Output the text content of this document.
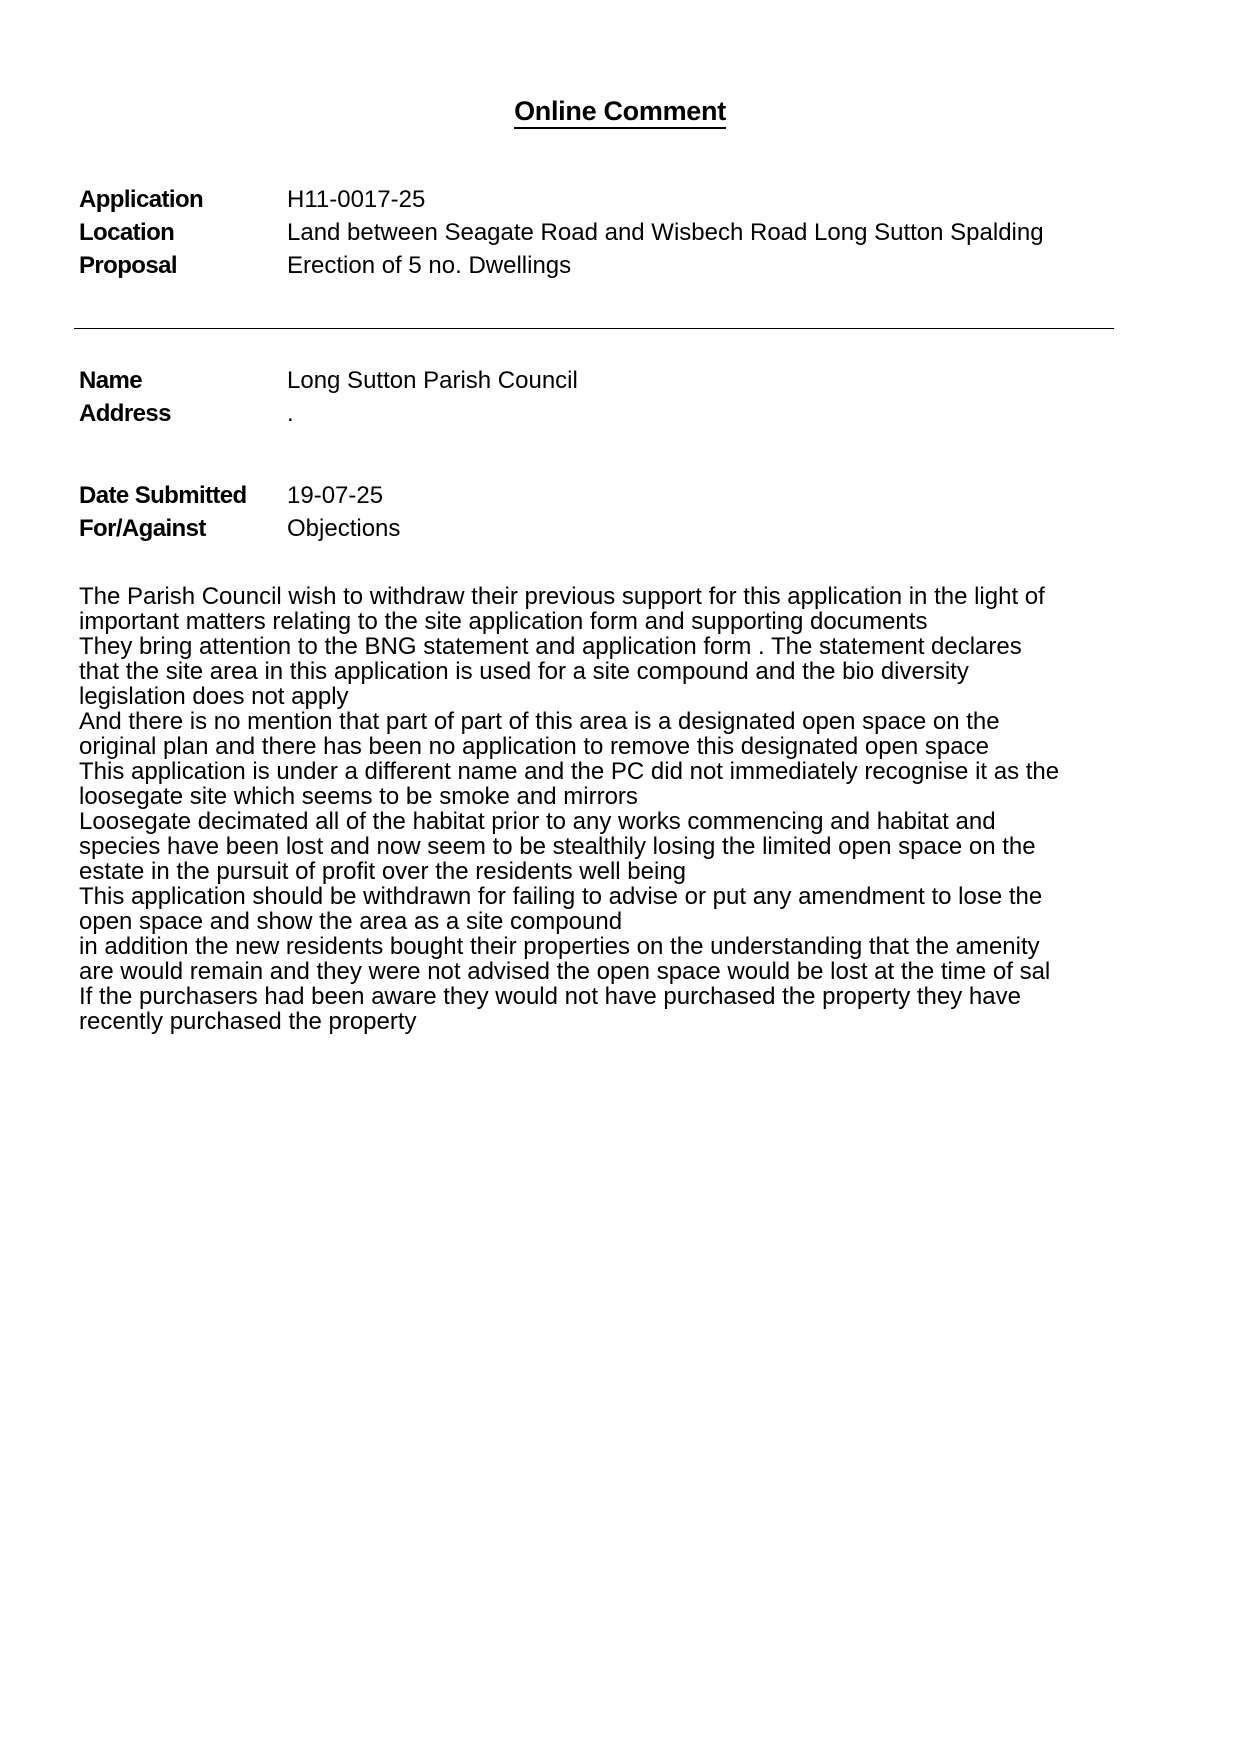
Online Comment
Application	H11-0017-25
Location	Land between Seagate Road and Wisbech Road Long Sutton Spalding
Proposal	Erection of 5 no. Dwellings
Name	Long Sutton Parish Council
Address	.
Date Submitted	19-07-25
For/Against	Objections
The Parish Council wish to withdraw their previous support for this application in the light of
important matters relating to the site application form and supporting documents
They bring attention to the BNG statement and application form . The statement declares
that the site area in this application is used for a site compound and the bio diversity
legislation does not apply
And there is no mention that part of part of this area is a designated open space on the
original plan and there has been no application to remove this designated open space
This application is under a different name and the PC did not immediately recognise it as the
loosegate site which seems to be smoke and mirrors
Loosegate decimated all of the habitat prior to any works commencing and habitat and
species have been lost and now seem to be stealthily losing the limited open space on the
estate in the pursuit of profit over the residents well being
This application should be withdrawn for failing to advise or put any amendment to lose the
open space and show the area as a site compound
in addition the new residents bought their properties on the understanding that the amenity
are would remain and they were not advised the open space would be lost at the time of sal
If the purchasers had been aware they would not have purchased the property they have
recently purchased the property
